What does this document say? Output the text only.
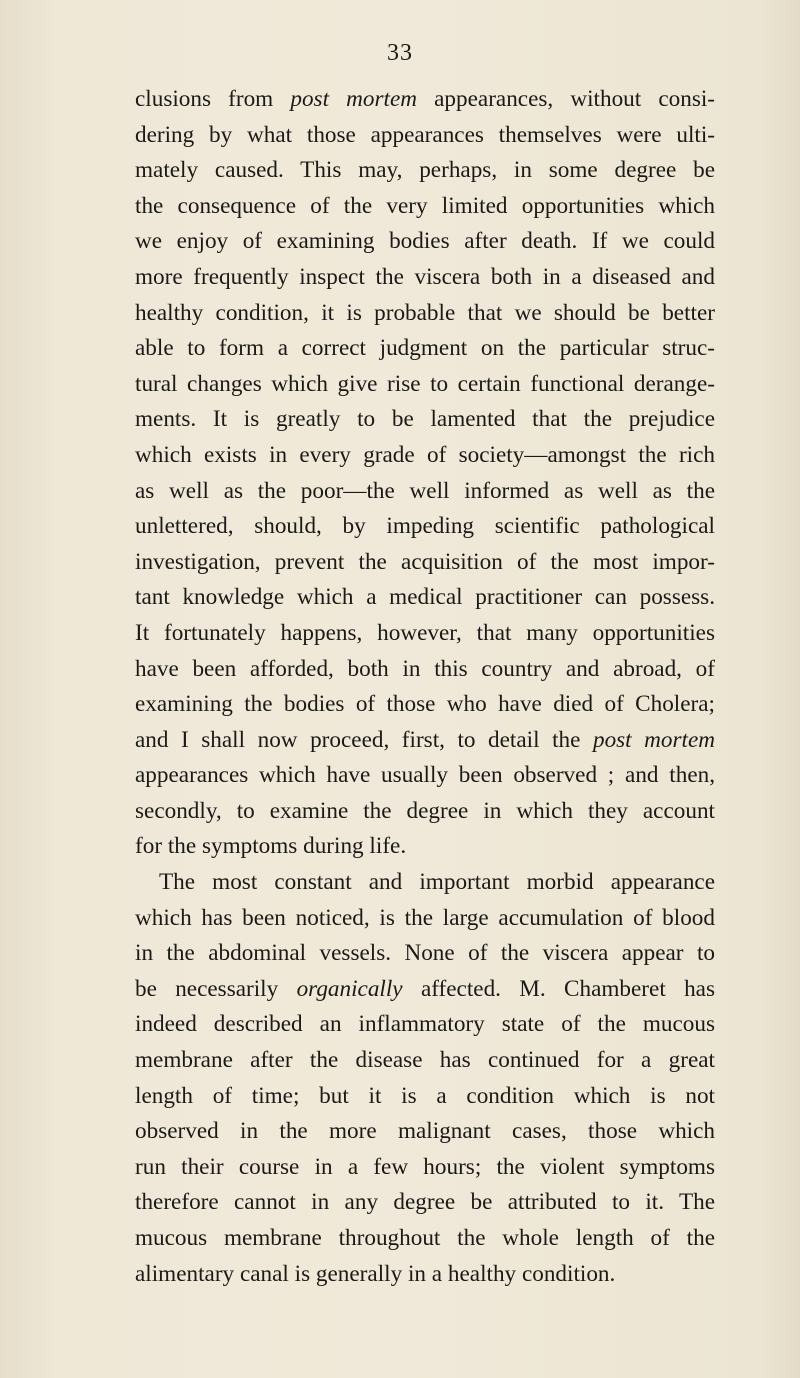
33
clusions from post mortem appearances, without consi-
dering by what those appearances themselves were ulti-
mately caused. This may, perhaps, in some degree be
the consequence of the very limited opportunities which
we enjoy of examining bodies after death. If we could
more frequently inspect the viscera both in a diseased and
healthy condition, it is probable that we should be better
able to form a correct judgment on the particular struc-
tural changes which give rise to certain functional derange-
ments. It is greatly to be lamented that the prejudice
which exists in every grade of society—amongst the rich
as well as the poor—the well informed as well as the
unlettered, should, by impeding scientific pathological
investigation, prevent the acquisition of the most impor-
tant knowledge which a medical practitioner can possess.
It fortunately happens, however, that many opportunities
have been afforded, both in this country and abroad, of
examining the bodies of those who have died of Cholera;
and I shall now proceed, first, to detail the post mortem
appearances which have usually been observed ; and then,
secondly, to examine the degree in which they account
for the symptoms during life.
The most constant and important morbid appearance
which has been noticed, is the large accumulation of blood
in the abdominal vessels. None of the viscera appear to
be necessarily organically affected. M. Chamberet has
indeed described an inflammatory state of the mucous
membrane after the disease has continued for a great
length of time; but it is a condition which is not
observed in the more malignant cases, those which
run their course in a few hours; the violent symptoms
therefore cannot in any degree be attributed to it. The
mucous membrane throughout the whole length of the
alimentary canal is generally in a healthy condition.
